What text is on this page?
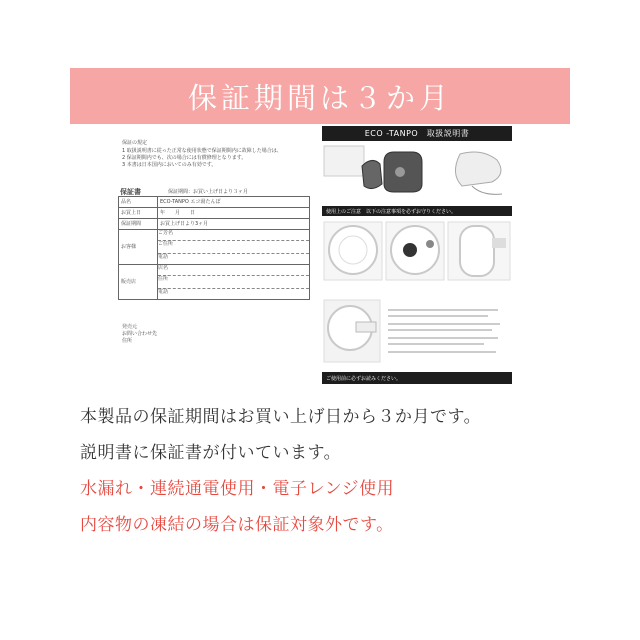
保証期間は３か月
保証の規定
1 取扱説明書に従った正常な使用状態で保証期間内に故障した場合は、
2 保証期間内でも、次の場合には有償修理となります。
3 本書は日本国内においてのみ有効です。
保証書	保証期間：お買い上げ日より３ヶ月
品名	ECO-TANPO エコ湯たんぽ
お買上日	年　　月　　日
保証期間	お買上げ日より3ヶ月
お客様	ご芳名
ご住所
電話

販売店	店名
住所
電話
発売元
お問い合わせ先
住所
ECO -TANPO　取扱説明書
使用上のご注意　以下の注意事項を必ずお守りください。
ご使用前に必ずお読みください。
本製品の保証期間はお買い上げ日から３か月です。
説明書に保証書が付いています。
水漏れ・連続通電使用・電子レンジ使用
内容物の凍結の場合は保証対象外です。
